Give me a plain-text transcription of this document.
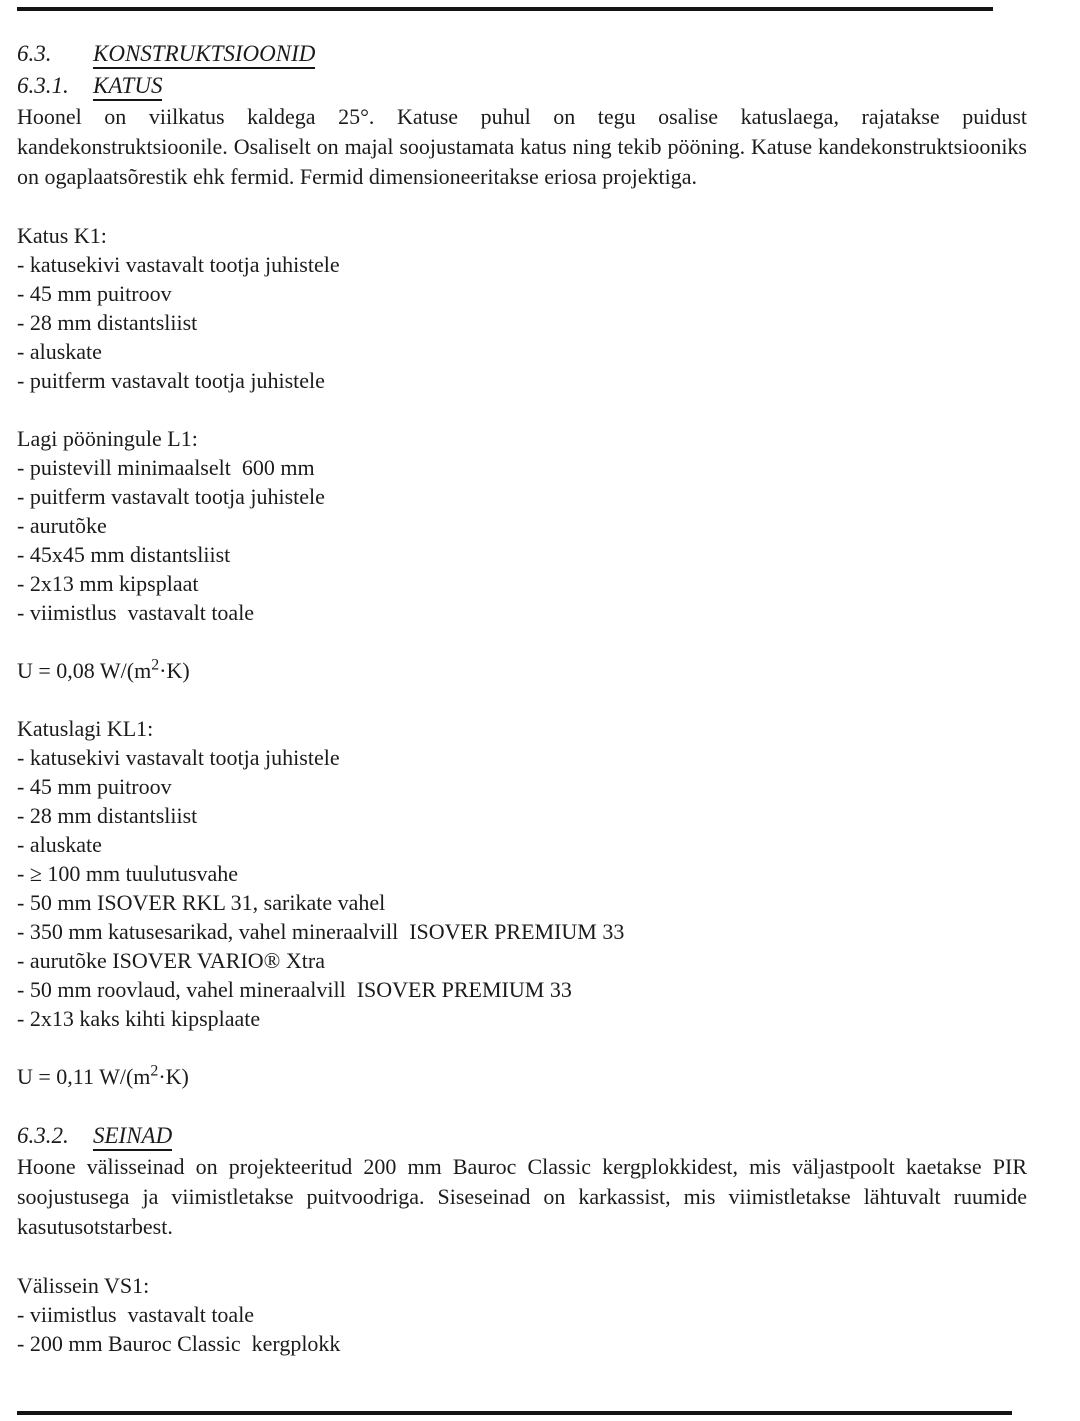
6.3. KONSTRUKTSIOONID
6.3.1. KATUS

Hoonel on viilkatus kaldega 25°. Katuse puhul on tegu osalise katuslaega, rajatakse puidust kandekonstruktsioonile. Osaliselt on majal soojustamata katus ning tekib pööning. Katuse kandekonstruktsiooniks on ogaplaatsõrestik ehk fermid. Fermid dimensioneeritakse eriosa projektiga.

Katus K1:
- katusekivi vastavalt tootja juhistele
- 45 mm puitroov
- 28 mm distantsliist
- aluskate
- puitferm vastavalt tootja juhistele
Lagi pööningule L1:
- puistevill minimaalselt  600 mm
- puitferm vastavalt tootja juhistele
- aurutõke
- 45x45 mm distantsliist
- 2x13 mm kipsplaat
- viimistlus  vastavalt toale

U = 0,08 $W/(m^2\cdot K)$

Katuslagi KL1:
- katusekivi vastavalt tootja juhistele
- 45 mm puitroov
- 28 mm distantsliist
- aluskate
- ≥ 100 mm tuulutusvahe
- 50 mm ISOVER RKL 31, sarikate vahel
- 350 mm katusesarikad, vahel mineraalvill  ISOVER PREMIUM 33
- aurutõke ISOVER VARIO® Xtra
- 50 mm roovlaud, vahel mineraalvill  ISOVER PREMIUM 33
- 2x13 kaks kihti kipsplaate

U = 0,11 $W/(m^2\cdot K)$

6.3.2. SEINAD

Hoone välisseinad on projekteeritud 200 mm Bauroc Classic kergplokkidest, mis väljastpoolt kaetakse PIR soojustusega ja viimistletakse puitvoodriga. Siseseinad on karkassist, mis viimistletakse lähtuvalt ruumide kasutusotstarbest.

Välissein VS1:
- viimistlus  vastavalt toale
- 200 mm Bauroc Classic  kergplokk
